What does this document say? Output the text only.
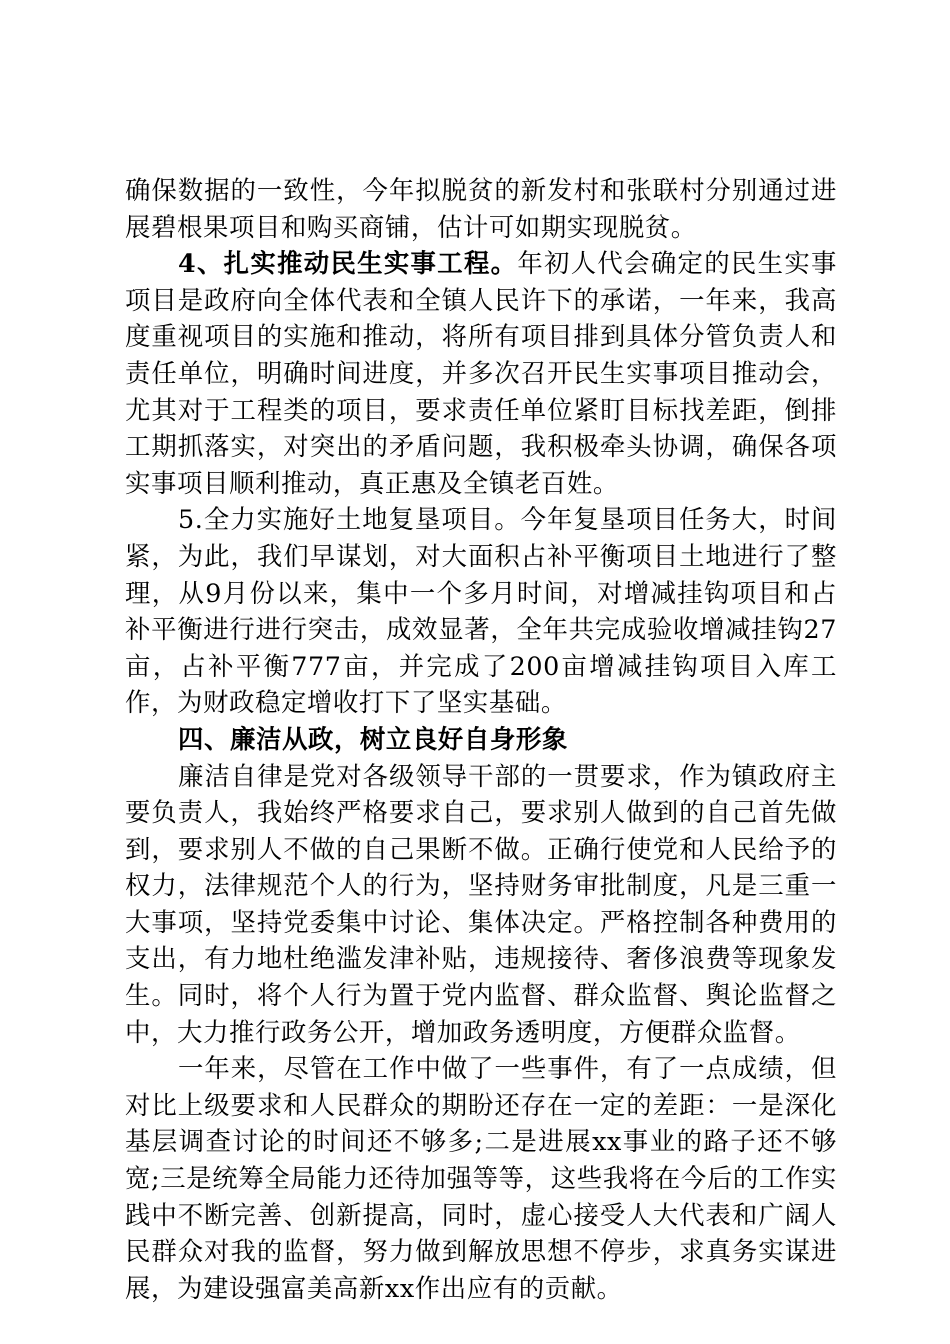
确保数据的一致性，今年拟脱贫的新发村和张联村分别通过进展碧根果项目和购买商铺，估计可如期实现脱贫。

4、扎实推动民生实事工程。年初人代会确定的民生实事项目是政府向全体代表和全镇人民许下的承诺，一年来，我高度重视项目的实施和推动，将所有项目排到具体分管负责人和责任单位，明确时间进度，并多次召开民生实事项目推动会，尤其对于工程类的项目，要求责任单位紧盯目标找差距，倒排工期抓落实，对突出的矛盾问题，我积极牵头协调，确保各项实事项目顺利推动，真正惠及全镇老百姓。

5.全力实施好土地复垦项目。今年复垦项目任务大，时间紧，为此，我们早谋划，对大面积占补平衡项目土地进行了整理，从9月份以来，集中一个多月时间，对增减挂钩项目和占补平衡进行进行突击，成效显著，全年共完成验收增减挂钩27亩，占补平衡777亩，并完成了200亩增减挂钩项目入库工作，为财政稳定增收打下了坚实基础。

四、廉洁从政，树立良好自身形象

廉洁自律是党对各级领导干部的一贯要求，作为镇政府主要负责人，我始终严格要求自己，要求别人做到的自己首先做到，要求别人不做的自己果断不做。正确行使党和人民给予的权力，法律规范个人的行为，坚持财务审批制度，凡是三重一大事项，坚持党委集中讨论、集体决定。严格控制各种费用的支出，有力地杜绝滥发津补贴，违规接待、奢侈浪费等现象发生。同时，将个人行为置于党内监督、群众监督、舆论监督之中，大力推行政务公开，增加政务透明度，方便群众监督。

一年来，尽管在工作中做了一些事件，有了一点成绩，但对比上级要求和人民群众的期盼还存在一定的差距：一是深化基层调查讨论的时间还不够多;二是进展xx事业的路子还不够宽;三是统筹全局能力还待加强等等，这些我将在今后的工作实践中不断完善、创新提高，同时，虚心接受人大代表和广阔人民群众对我的监督，努力做到解放思想不停步，求真务实谋进展，为建设强富美高新xx作出应有的贡献。
